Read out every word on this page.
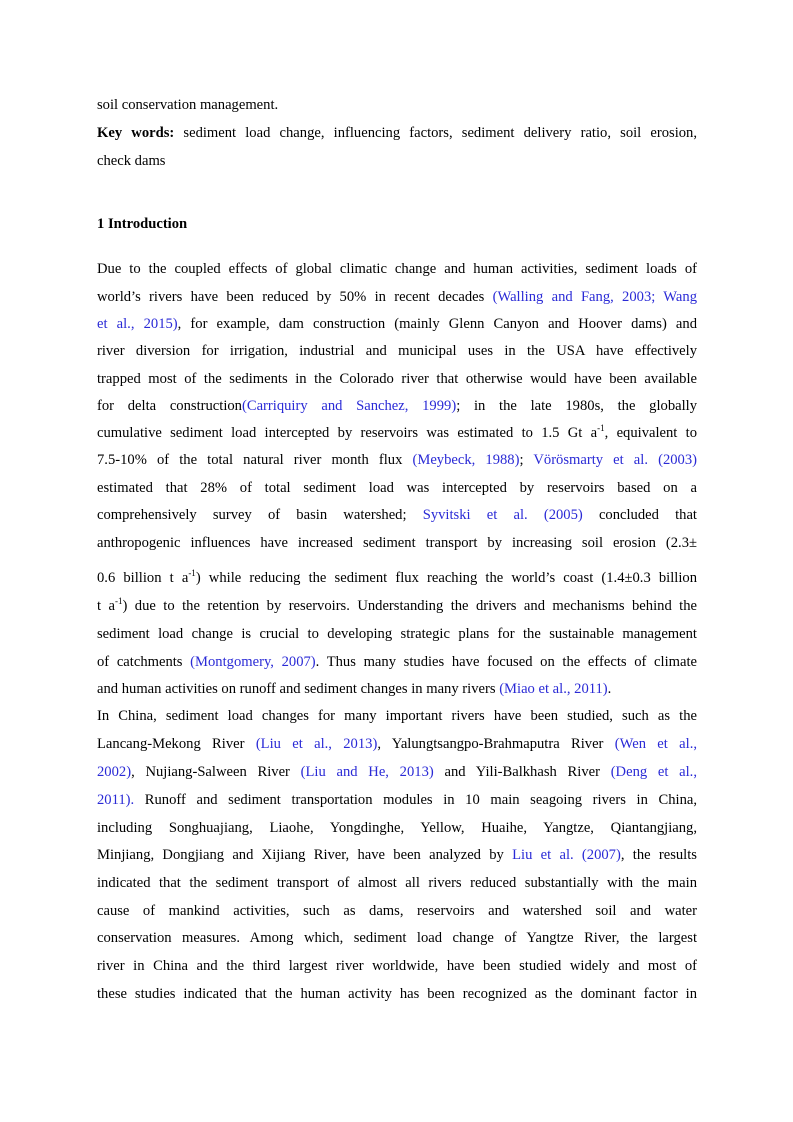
soil conservation management.
Key words: sediment load change, influencing factors, sediment delivery ratio, soil erosion,
check dams
1 Introduction
Due to the coupled effects of global climatic change and human activities, sediment loads of
world’s rivers have been reduced by 50% in recent decades (Walling and Fang, 2003; Wang
et al., 2015), for example, dam construction (mainly Glenn Canyon and Hoover dams) and
river diversion for irrigation, industrial and municipal uses in the USA have effectively
trapped most of the sediments in the Colorado river that otherwise would have been available
for delta construction(Carriquiry and Sanchez, 1999); in the late 1980s, the globally
cumulative sediment load intercepted by reservoirs was estimated to 1.5 Gt $a^{-1}$, equivalent to
7.5-10% of the total natural river month flux (Meybeck, 1988); Vörösmarty et al. (2003)
estimated that 28% of total sediment load was intercepted by reservoirs based on a
comprehensively survey of basin watershed; Syvitski et al. (2005) concluded that
anthropogenic influences have increased sediment transport by increasing soil erosion (2.3±
0.6 billion t $a^{-1}$) while reducing the sediment flux reaching the world’s coast (1.4±0.3 billion
t $a^{-1}$) due to the retention by reservoirs. Understanding the drivers and mechanisms behind the
sediment load change is crucial to developing strategic plans for the sustainable management
of catchments (Montgomery, 2007). Thus many studies have focused on the effects of climate
and human activities on runoff and sediment changes in many rivers (Miao et al., 2011).
In China, sediment load changes for many important rivers have been studied, such as the
Lancang-Mekong River (Liu et al., 2013), Yalungtsangpo-Brahmaputra River (Wen et al.,
2002), Nujiang-Salween River (Liu and He, 2013) and Yili-Balkhash River (Deng et al.,
2011). Runoff and sediment transportation modules in 10 main seagoing rivers in China,
including Songhuajiang, Liaohe, Yongdinghe, Yellow, Huaihe, Yangtze, Qiantangjiang,
Minjiang, Dongjiang and Xijiang River, have been analyzed by Liu et al. (2007), the results
indicated that the sediment transport of almost all rivers reduced substantially with the main
cause of mankind activities, such as dams, reservoirs and watershed soil and water
conservation measures. Among which, sediment load change of Yangtze River, the largest
river in China and the third largest river worldwide, have been studied widely and most of
these studies indicated that the human activity has been recognized as the dominant factor in
